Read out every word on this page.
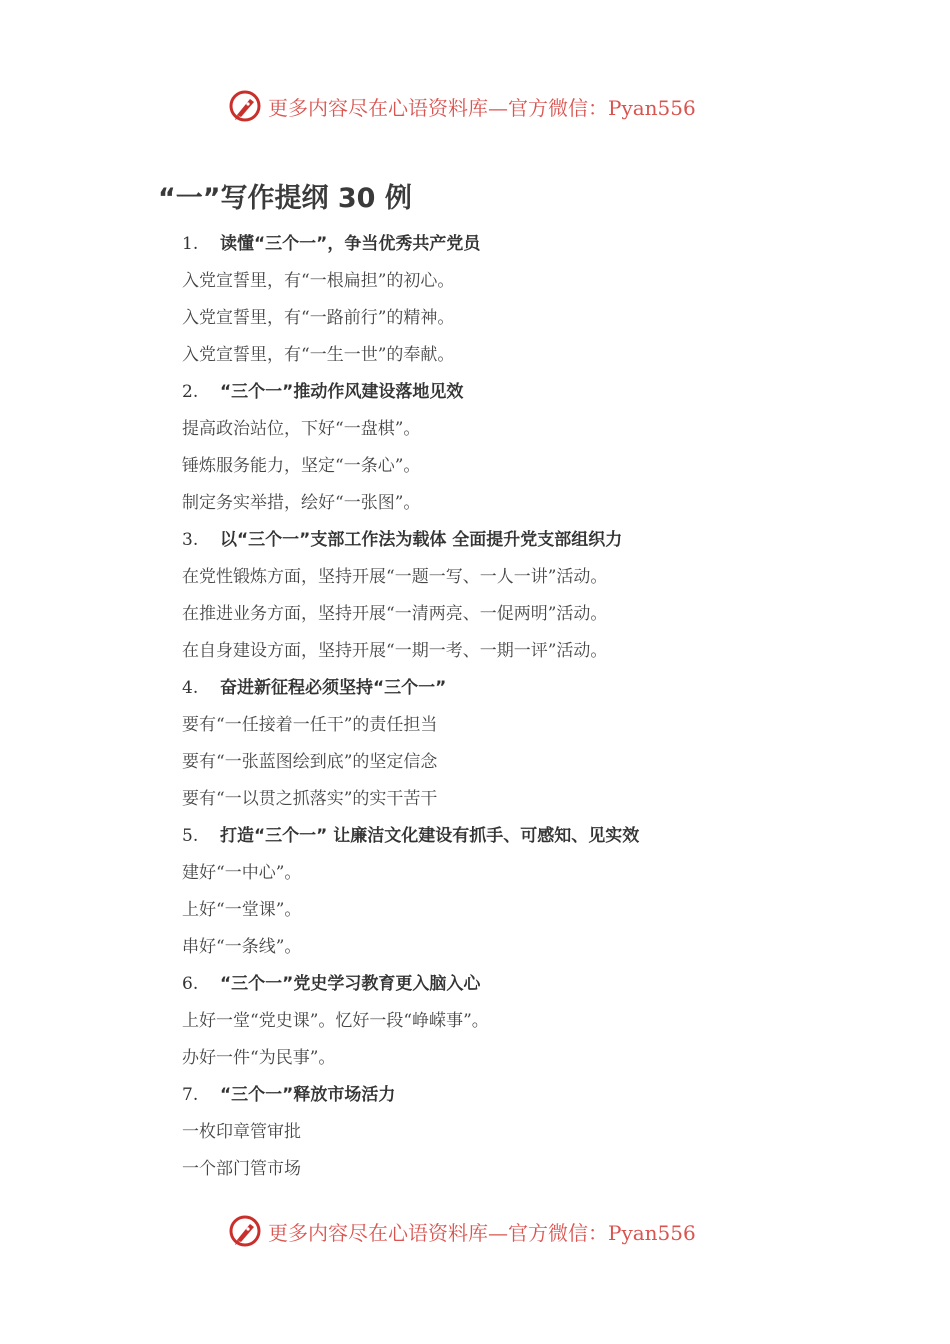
更多内容尽在心语资料库—官方微信：Pyan556
“一”写作提纲 30 例
1.	读懂“三个一”，争当优秀共产党员
入党宣誓里，有“一根扁担”的初心。
入党宣誓里，有“一路前行”的精神。
入党宣誓里，有“一生一世”的奉献。
2.	“三个一”推动作风建设落地见效
提高政治站位，下好“一盘棋”。
锤炼服务能力，坚定“一条心”。
制定务实举措，绘好“一张图”。
3.	以“三个一”支部工作法为载体 全面提升党支部组织力
在党性锻炼方面，坚持开展“一题一写、一人一讲”活动。
在推进业务方面，坚持开展“一清两亮、一促两明”活动。
在自身建设方面，坚持开展“一期一考、一期一评”活动。
4.	奋进新征程必须坚持“三个一”
要有“一任接着一任干”的责任担当
要有“一张蓝图绘到底”的坚定信念
要有“一以贯之抓落实”的实干苦干
5.	打造“三个一” 让廉洁文化建设有抓手、可感知、见实效
建好“一中心”。
上好“一堂课”。
串好“一条线”。
6.	“三个一”党史学习教育更入脑入心
上好一堂“党史课”。忆好一段“峥嵘事”。
办好一件“为民事”。
7.	“三个一”释放市场活力
一枚印章管审批
一个部门管市场
更多内容尽在心语资料库—官方微信：Pyan556
